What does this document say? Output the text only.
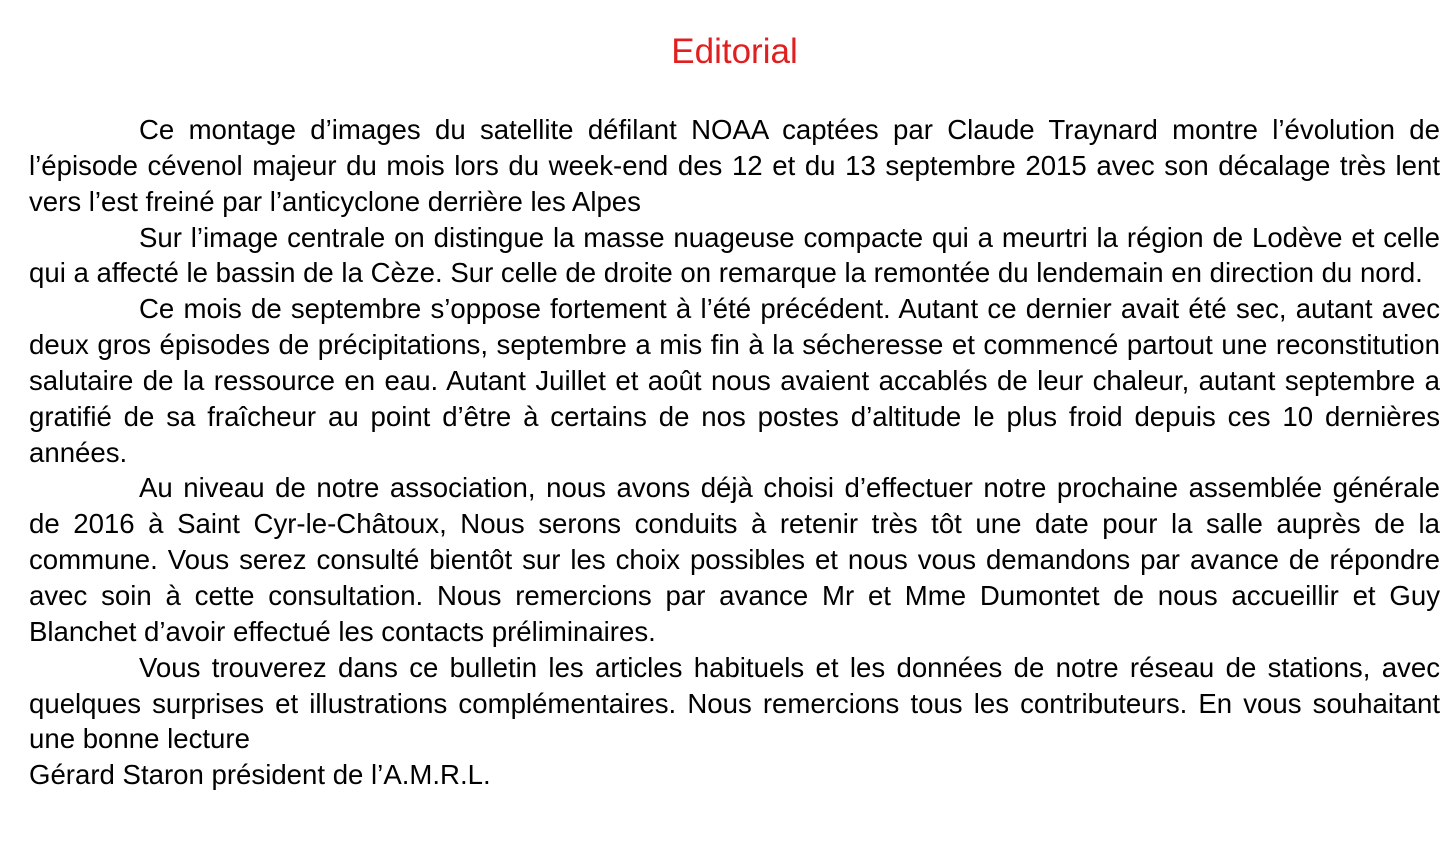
Editorial

Ce montage d’images du satellite défilant NOAA captées par Claude Traynard montre l’évolution de l’épisode cévenol majeur du mois lors du week-end des 12 et du 13 septembre 2015 avec son décalage très lent vers l’est freiné par l’anticyclone derrière les Alpes

Sur l’image centrale on distingue la masse nuageuse compacte qui a meurtri la région de Lodève et celle qui a affecté le bassin de la Cèze. Sur celle de droite on remarque la remontée du lendemain en direction du nord.

Ce mois de septembre s’oppose fortement à l’été précédent. Autant ce dernier avait été sec, autant avec deux gros épisodes de précipitations, septembre a mis fin à la sécheresse et commencé partout une reconstitution salutaire de la ressource en eau. Autant Juillet et août nous avaient accablés de leur chaleur, autant septembre a gratifié de sa fraîcheur au point d’être à certains de nos postes d’altitude le plus froid depuis ces 10 dernières années.

Au niveau de notre association, nous avons déjà choisi d’effectuer notre prochaine assemblée générale de 2016 à Saint Cyr-le-Châtoux, Nous serons conduits à retenir très tôt une date pour la salle auprès de la commune. Vous serez consulté bientôt sur les choix possibles et nous vous demandons par avance de répondre avec soin à cette consultation. Nous remercions par avance Mr et Mme Dumontet de nous accueillir et Guy Blanchet d’avoir effectué les contacts préliminaires.

Vous trouverez dans ce bulletin les articles habituels et les données de notre réseau de stations, avec quelques surprises et illustrations complémentaires. Nous remercions tous les contributeurs. En vous souhaitant une bonne lecture

Gérard Staron président de l’A.M.R.L.
